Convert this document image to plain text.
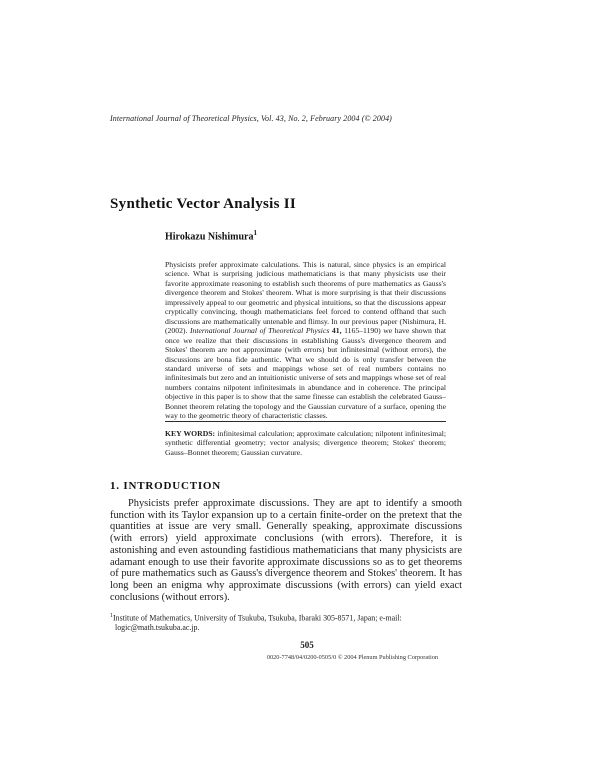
International Journal of Theoretical Physics, Vol. 43, No. 2, February 2004 (© 2004)
Synthetic Vector Analysis II
Hirokazu Nishimura$^1$
Physicists prefer approximate calculations. This is natural, since physics is an empirical science. What is surprising judicious mathematicians is that many physicists use their favorite approximate reasoning to establish such theorems of pure mathematics as Gauss's divergence theorem and Stokes' theorem. What is more surprising is that their discussions impressively appeal to our geometric and physical intuitions, so that the discussions appear cryptically convincing, though mathematicians feel forced to contend offhand that such discussions are mathematically untenable and flimsy. In our previous paper (Nishimura, H. (2002). International Journal of Theoretical Physics 41, 1165–1190) we have shown that once we realize that their discussions in establishing Gauss's divergence theorem and Stokes' theorem are not approximate (with errors) but infinitesimal (without errors), the discussions are bona fide authentic. What we should do is only transfer between the standard universe of sets and mappings whose set of real numbers contains no infinitesimals but zero and an intuitionistic universe of sets and mappings whose set of real numbers contains nilpotent infinitesimals in abundance and in coherence. The principal objective in this paper is to show that the same finesse can establish the celebrated Gauss–Bonnet theorem relating the topology and the Gaussian curvature of a surface, opening the way to the geometric theory of characteristic classes.
KEY WORDS: infinitesimal calculation; approximate calculation; nilpotent infinitesimal; synthetic differential geometry; vector analysis; divergence theorem; Stokes' theorem; Gauss–Bonnet theorem; Gaussian curvature.
1. INTRODUCTION
Physicists prefer approximate discussions. They are apt to identify a smooth function with its Taylor expansion up to a certain finite-order on the pretext that the quantities at issue are very small. Generally speaking, approximate discussions (with errors) yield approximate conclusions (with errors). Therefore, it is astonishing and even astounding fastidious mathematicians that many physicists are adamant enough to use their favorite approximate discussions so as to get theorems of pure mathematics such as Gauss's divergence theorem and Stokes' theorem. It has long been an enigma why approximate discussions (with errors) can yield exact conclusions (without errors).
$^1$Institute of Mathematics, University of Tsukuba, Tsukuba, Ibaraki 305-8571, Japan; e-mail: logic@math.tsukuba.ac.jp.
505
0020-7748/04/0200-0505/0 © 2004 Plenum Publishing Corporation
